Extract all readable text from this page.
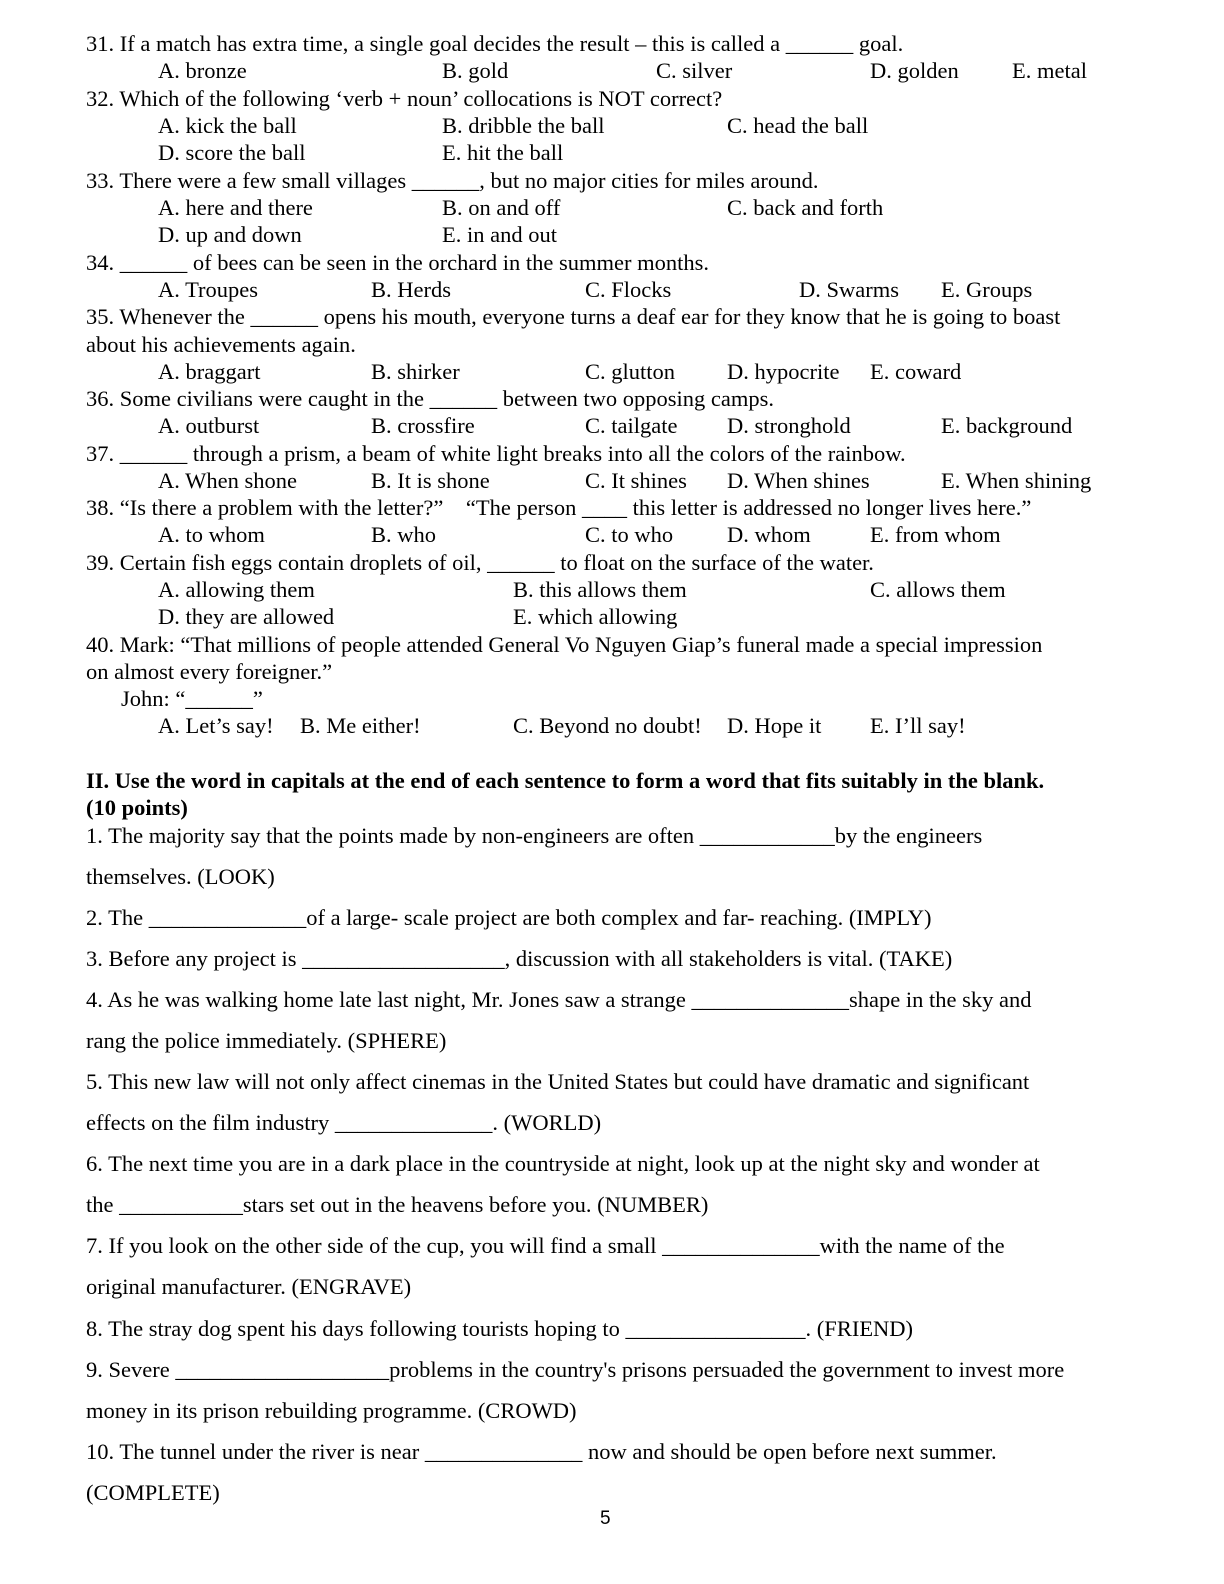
31. If a match has extra time, a single goal decides the result – this is called a ______ goal.
A. bronze	B. gold	C. silver	D. golden E. metal
32. Which of the following ‘verb + noun’ collocations is NOT correct?
A. kick the ball	B. dribble the ball	C. head the ball
D. score the ball	E. hit the ball
33. There were a few small villages ______, but no major cities for miles around.
A. here and there	B. on and off	C. back and forth
D. up and down	E. in and out
34. ______ of bees can be seen in the orchard in the summer months.
A. Troupes	B. Herds	C. Flocks	D. Swarms E. Groups
35. Whenever the ______ opens his mouth, everyone turns a deaf ear for they know that he is going to boast
about his achievements again.
A. braggart	B. shirker	C. glutton D. hypocrite E. coward
36. Some civilians were caught in the ______ between two opposing camps.
A. outburst	B. crossfire	C. tailgate D. stronghold	E. background
37. ______ through a prism, a beam of white light breaks into all the colors of the rainbow.
A. When shone	B. It is shone	C. It shines D. When shines	E. When shining
38. “Is there a problem with the letter?”    “The person ____ this letter is addressed no longer lives here.”
A. to whom	B. who	C. to who D. whom	E. from whom
39. Certain fish eggs contain droplets of oil, ______ to float on the surface of the water.
A. allowing them	B. this allows them	C. allows them
D. they are allowed	E. which allowing
40. Mark: “That millions of people attended General Vo Nguyen Giap’s funeral made a special impression
on almost every foreigner.”
John: “______”
A. Let’s say! B. Me either!	C. Beyond no doubt! D. Hope it E. I’ll say!
II. Use the word in capitals at the end of each sentence to form a word that fits suitably in the blank.
(10 points)
1. The majority say that the points made by non-engineers are often ____________by the engineers
themselves. (LOOK)
2. The ______________of a large- scale project are both complex and far- reaching. (IMPLY)
3. Before any project is __________________, discussion with all stakeholders is vital. (TAKE)
4. As he was walking home late last night, Mr. Jones saw a strange ______________shape in the sky and
rang the police immediately. (SPHERE)
5. This new law will not only affect cinemas in the United States but could have dramatic and significant
effects on the film industry ______________. (WORLD)
6. The next time you are in a dark place in the countryside at night, look up at the night sky and wonder at
the ___________stars set out in the heavens before you. (NUMBER)
7. If you look on the other side of the cup, you will find a small ______________with the name of the
original manufacturer. (ENGRAVE)
8. The stray dog spent his days following tourists hoping to ________________. (FRIEND)
9. Severe ___________________problems in the country's prisons persuaded the government to invest more
money in its prison rebuilding programme. (CROWD)
10. The tunnel under the river is near ______________ now and should be open before next summer.
(COMPLETE)
5
